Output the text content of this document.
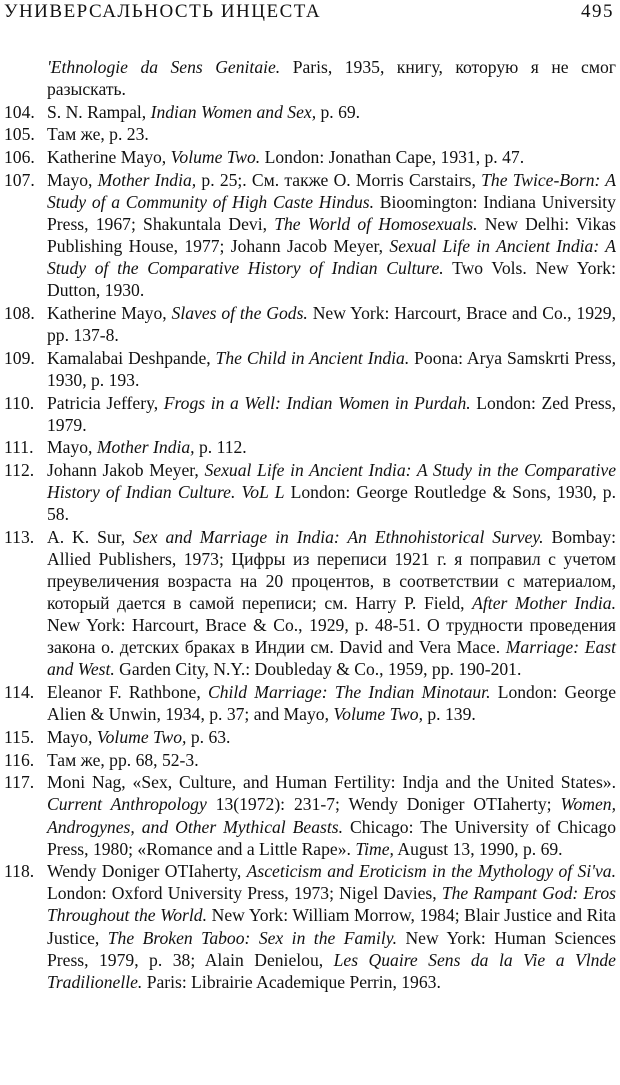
УНИВЕРСАЛЬНОСТЬ ИНЦЕСТА	495
'Ethnologie da Sens Genitaie. Paris, 1935, книгу, которую я не смог разыскать.
104. S. N. Rampal, Indian Women and Sex, p. 69.
105. Там же, p. 23.
106. Katherine Mayo, Volume Two. London: Jonathan Cape, 1931, p. 47.
107. Mayo, Mother India, p. 25;. См. также O. Morris Carstairs, The Twice-Born: A Study of a Community of High Caste Hindus. Bioomington: Indiana University Press, 1967; Shakuntala Devi, The World of Homosexuals. New Delhi: Vikas Publishing House, 1977; Johann Jacob Meyer, Sexual Life in Ancient India: A Study of the Comparative History of Indian Culture. Two Vols. New York: Dutton, 1930.
108. Katherine Mayo, Slaves of the Gods. New York: Harcourt, Brace and Co., 1929, pp. 137-8.
109. Kamalabai Deshpande, The Child in Ancient India. Poona: Arya Samskrti Press, 1930, p. 193.
110. Patricia Jeffery, Frogs in a Well: Indian Women in Purdah. London: Zed Press, 1979.
111. Mayo, Mother India, p. 112.
112. Johann Jakob Meyer, Sexual Life in Ancient India: A Study in the Comparative History of Indian Culture. VoL L London: George Routledge & Sons, 1930, p. 58.
113. A. K. Sur, Sex and Marriage in India: An Ethnohistorical Survey. Bombay: Allied Publishers, 1973; Цифры из переписи 1921 г. я поправил с учетом преувеличения возраста на 20 процентов, в соответствии с материалом, который дается в самой переписи; см. Harry P. Field, After Mother India. New York: Harcourt, Brace & Co., 1929, p. 48-51. О трудности проведения закона о. детских браках в Индии см. David and Vera Mace. Marriage: East and West. Garden City, N.Y.: Doubleday & Co., 1959, pp. 190-201.
114. Eleanor F. Rathbone, Child Marriage: The Indian Minotaur. London: George Alien & Unwin, 1934, p. 37; and Mayo, Volume Two, p. 139.
115. Mayo, Volume Two, p. 63.
116. Там же, pp. 68, 52-3.
117. Moni Nag, «Sex, Culture, and Human Fertility: Indja and the United States». Current Anthropology 13(1972): 231-7; Wendy Doniger OTIaherty; Women, Androgynes, and Other Mythical Beasts. Chicago: The University of Chicago Press, 1980; «Romance and a Little Rape». Time, August 13, 1990, p. 69.
118. Wendy Doniger OTIaherty, Asceticism and Eroticism in the Mythology of Si'va. London: Oxford University Press, 1973; Nigel Davies, The Rampant God: Eros Throughout the World. New York: William Morrow, 1984; Blair Justice and Rita Justice, The Broken Taboo: Sex in the Family. New York: Human Sciences Press, 1979, p. 38; Alain Denielou, Les Quaire Sens da la Vie a Vlnde Tradilionelle. Paris: Librairie Academique Perrin, 1963.
